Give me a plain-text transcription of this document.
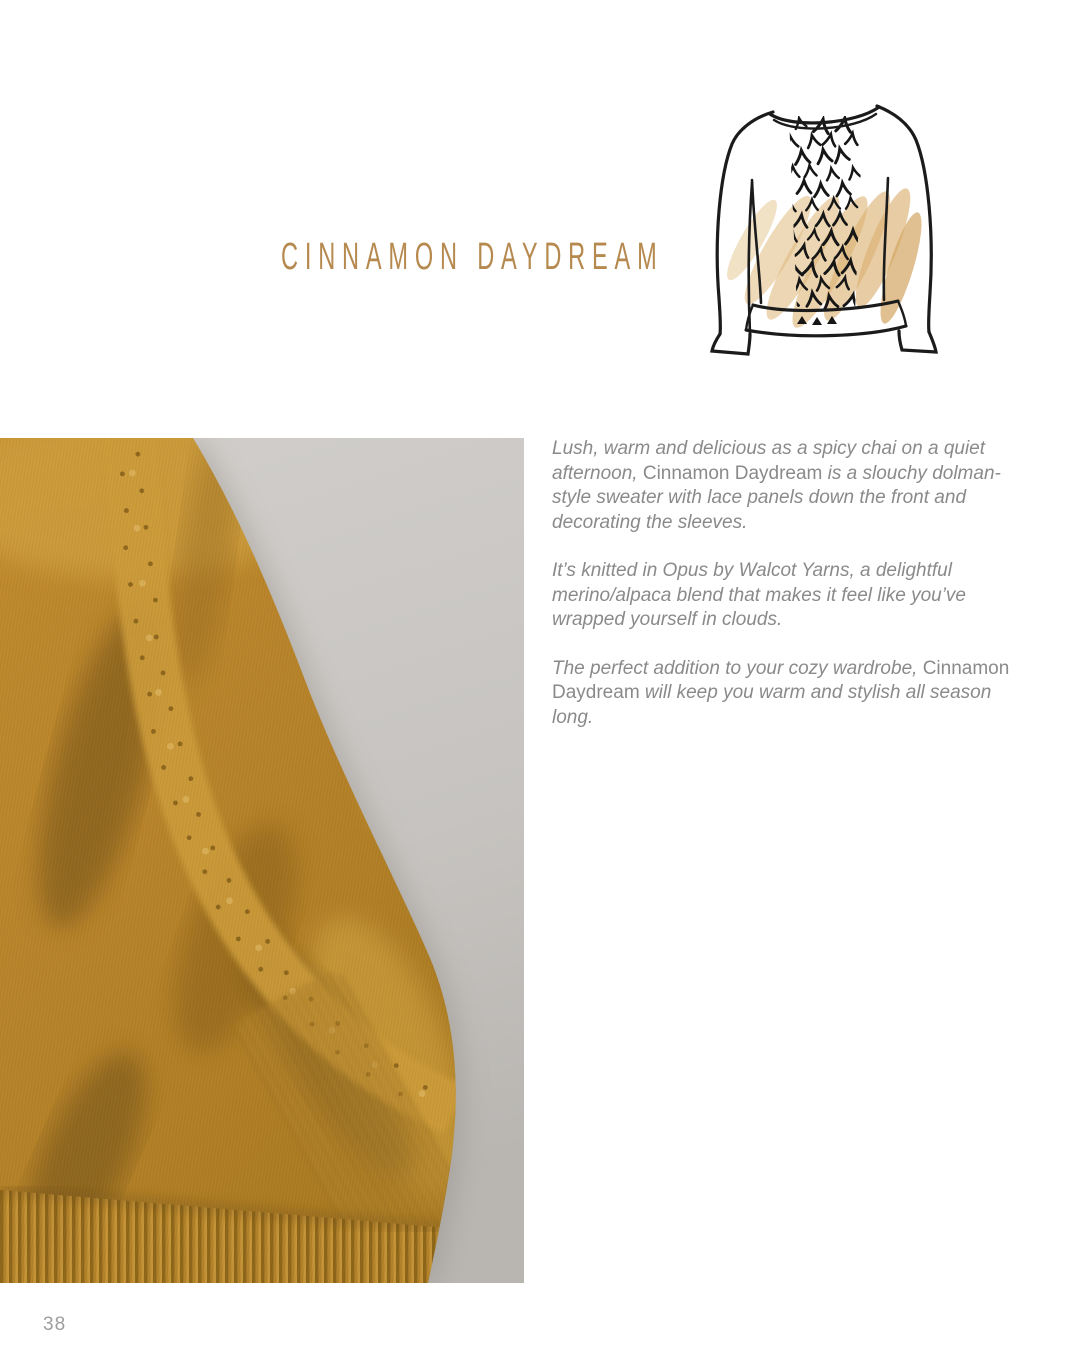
CINNAMON DAYDREAM

Lush, warm and delicious as a spicy chai on a quiet afternoon, Cinnamon Daydream is a slouchy dolman-style sweater with lace panels down the front and decorating the sleeves.

It’s knitted in Opus by Walcot Yarns, a delightful merino/alpaca blend that makes it feel like you’ve wrapped yourself in clouds.

The perfect addition to your cozy wardrobe, Cinnamon Daydream will keep you warm and stylish all season long.

38
